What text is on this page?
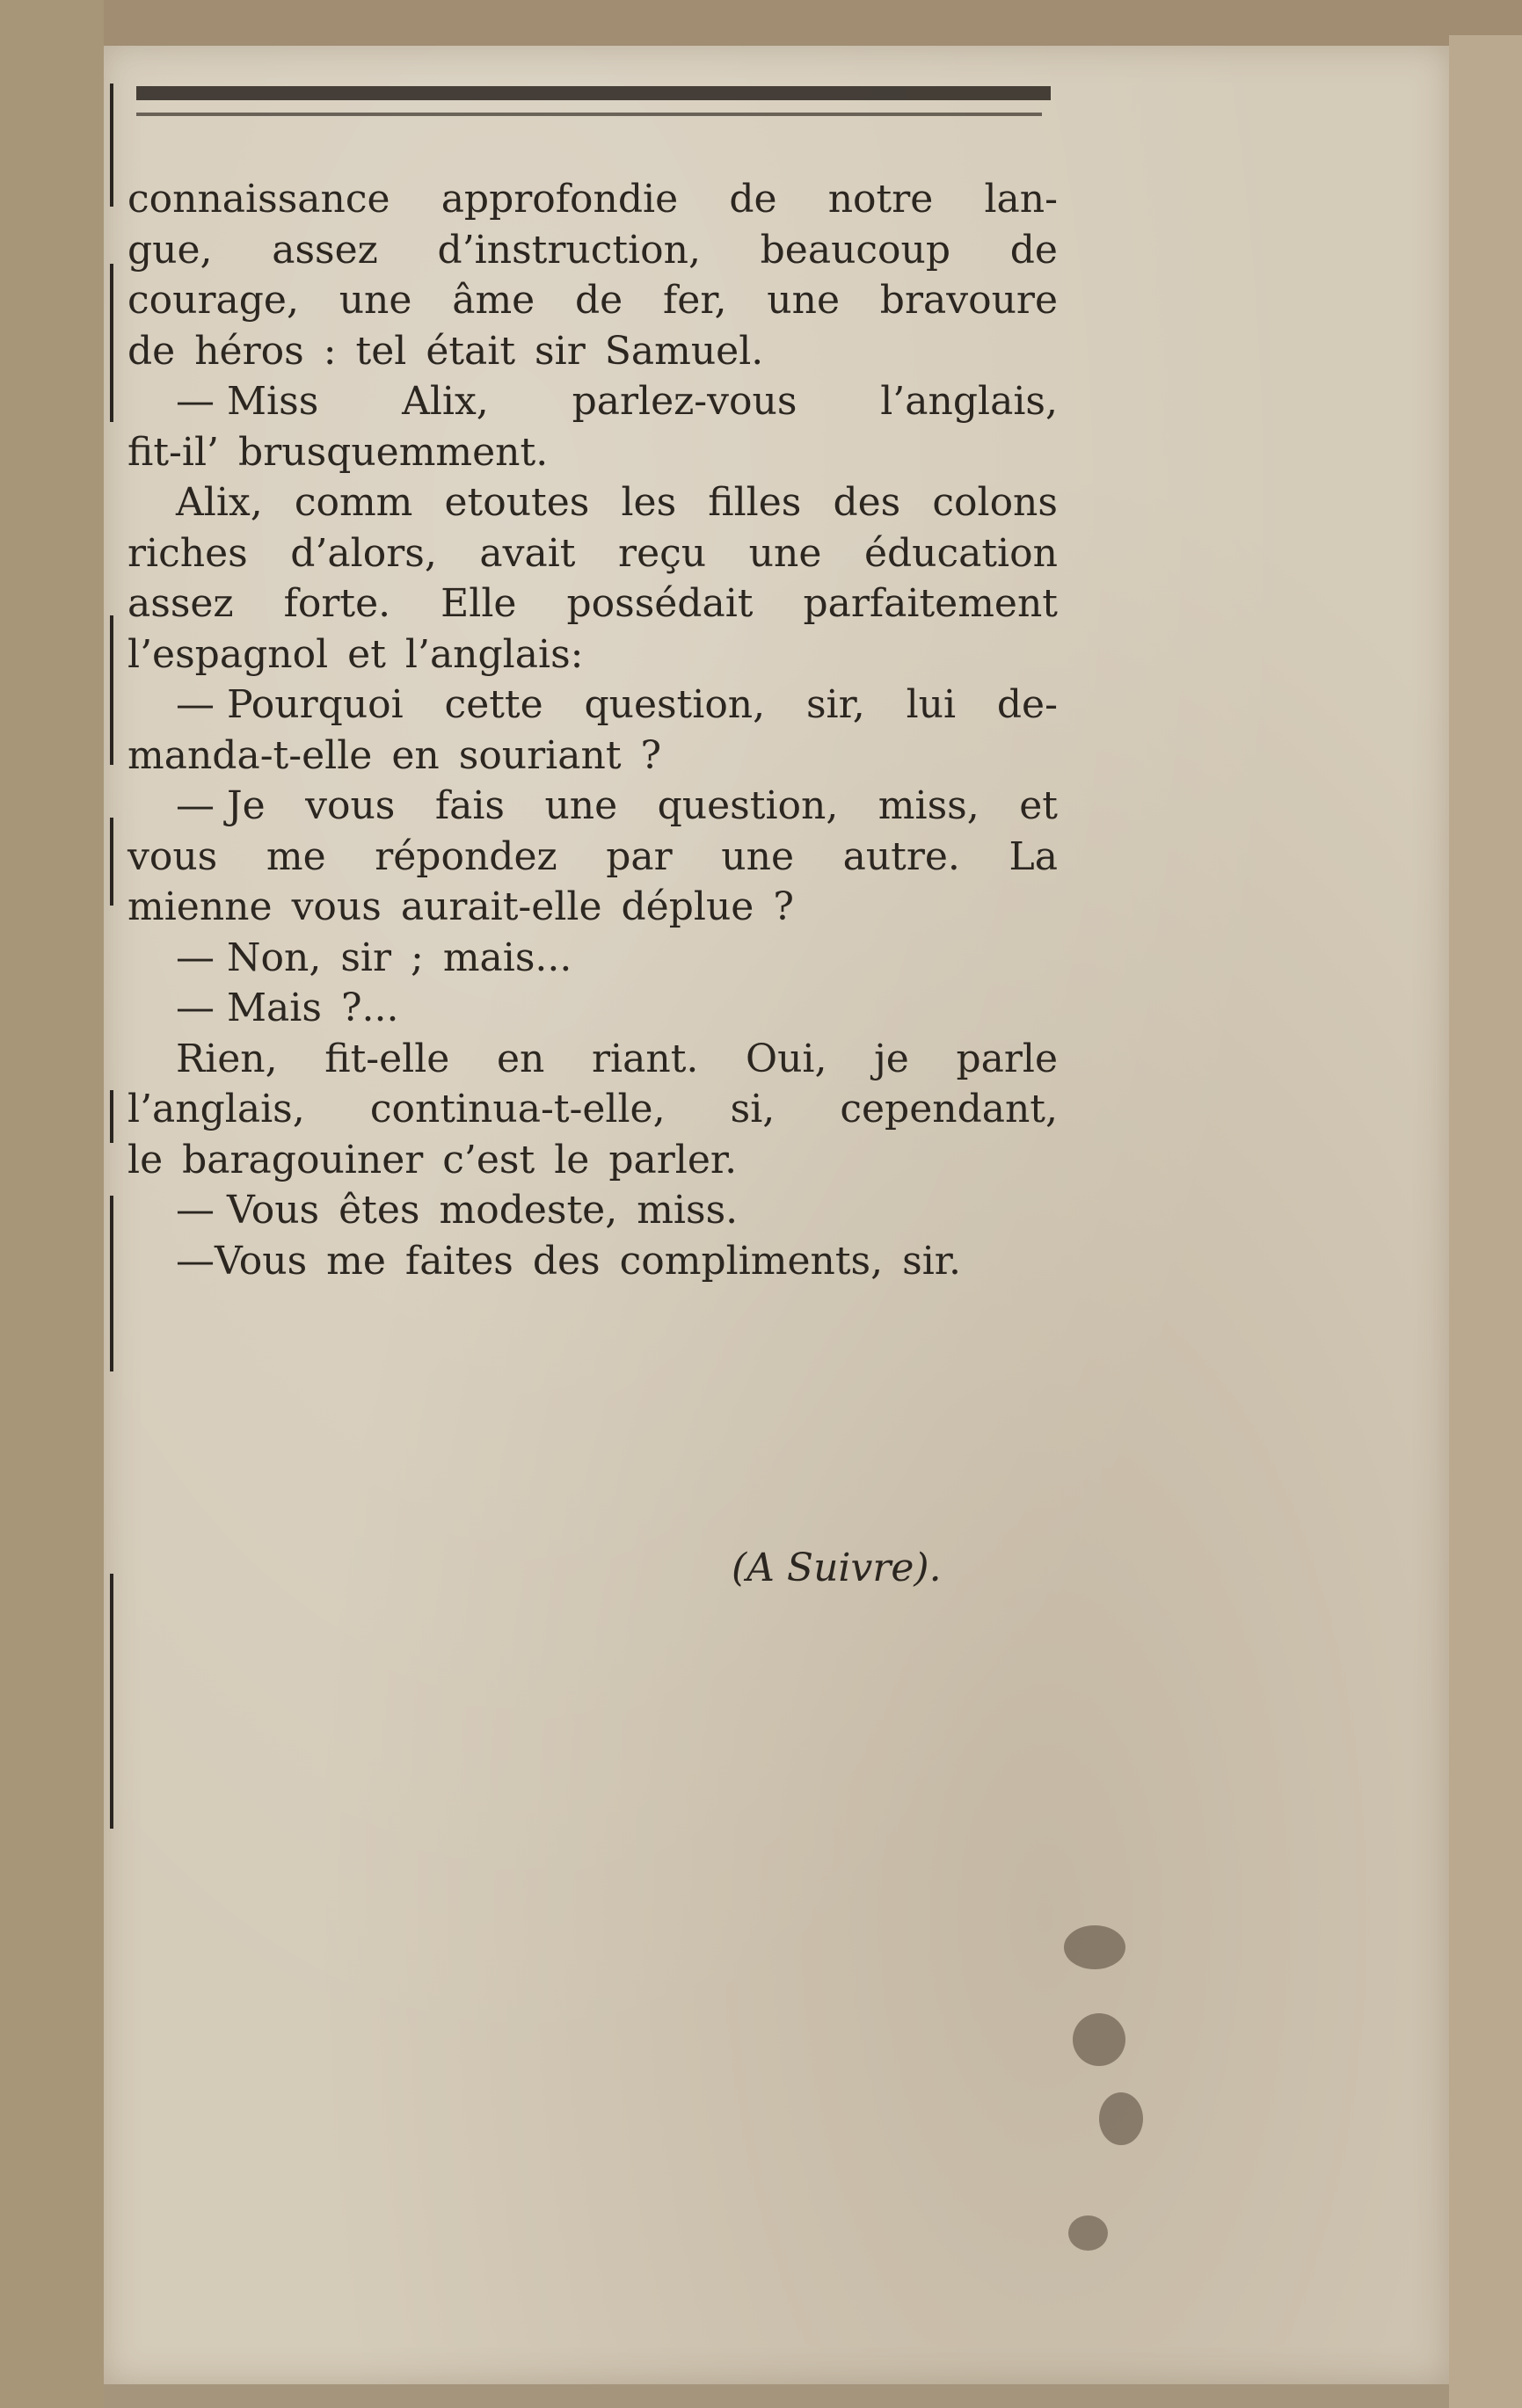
connaissance approfondie de notre lan-
gue, assez d’instruction, beaucoup de
courage, une âme de fer, une bravoure
de héros : tel était sir Samuel.
— Miss Alix, parlez-vous l’anglais,
fit-il’ brusquemment.
Alix, comm etoutes les filles des colons
riches d’alors, avait reçu une éducation
assez forte. Elle possédait parfaitement
l’espagnol et l’anglais:
— Pourquoi cette question, sir, lui de-
manda-t-elle en souriant ?
— Je vous fais une question, miss, et
vous me répondez par une autre. La
mienne vous aurait-elle déplue ?
— Non, sir ; mais...
— Mais ?...
Rien, fit-elle en riant. Oui, je parle
l’anglais, continua-t-elle, si, cependant,
le baragouiner c’est le parler.
— Vous êtes modeste, miss.
—Vous me faites des compliments, sir.
(A Suivre).
